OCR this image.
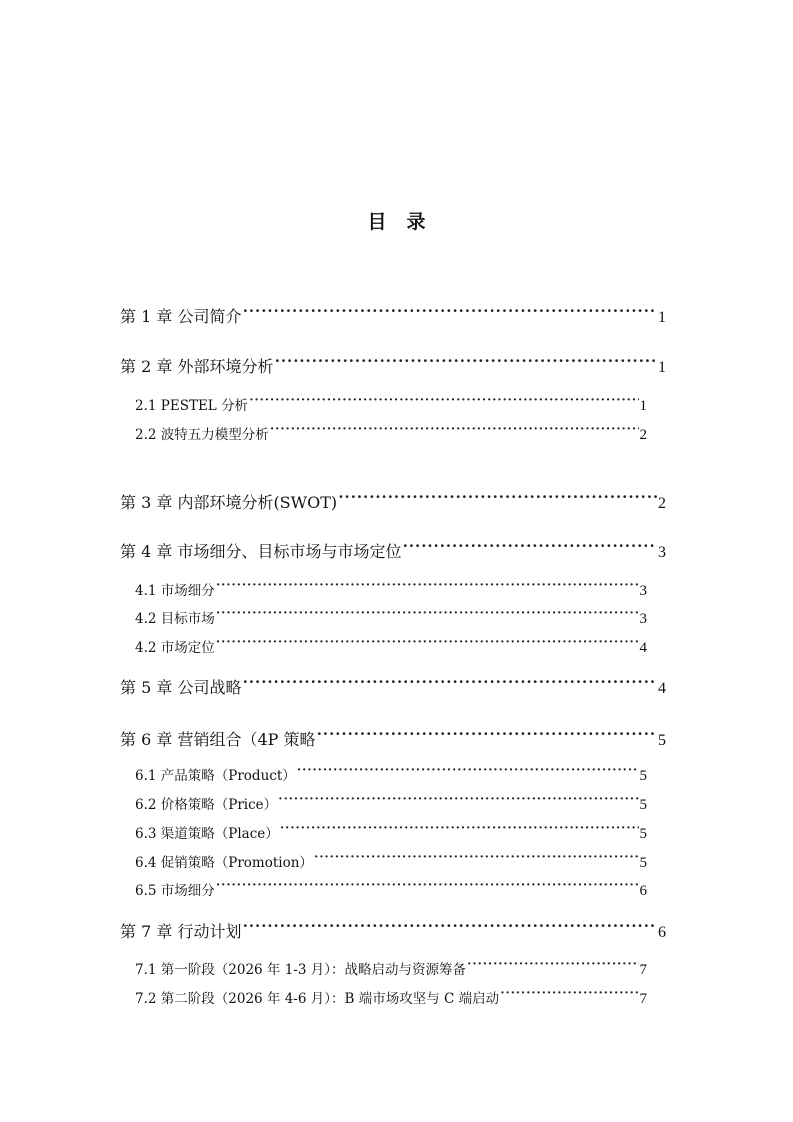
目录
第 1 章 公司简介 ·····	1
第 2 章 外部环境分析 ·····	1
2.1 PESTEL 分析 ·····	1
2.2 波特五力模型分析 ·····	2
第 3 章 内部环境分析(SWOT) ·····	2
第 4 章 市场细分、目标市场与市场定位 ·····	3
4.1 市场细分 ·····	3
4.2 目标市场 ·····	3
4.2 市场定位 ·····	4
第 5 章 公司战略 ·····	4
第 6 章 营销组合（4P 策略 ·····	5
6.1 产品策略（Product） ·····	5
6.2 价格策略（Price） ·····	5
6.3 渠道策略（Place） ·····	5
6.4 促销策略（Promotion） ·····	5
6.5 市场细分 ·····	6
第 7 章 行动计划 ·····	6
7.1 第一阶段（2026 年 1-3 月）：战略启动与资源筹备 ·····	7
7.2 第二阶段（2026 年 4-6 月）：B 端市场攻坚与 C 端启动 ·····	7
